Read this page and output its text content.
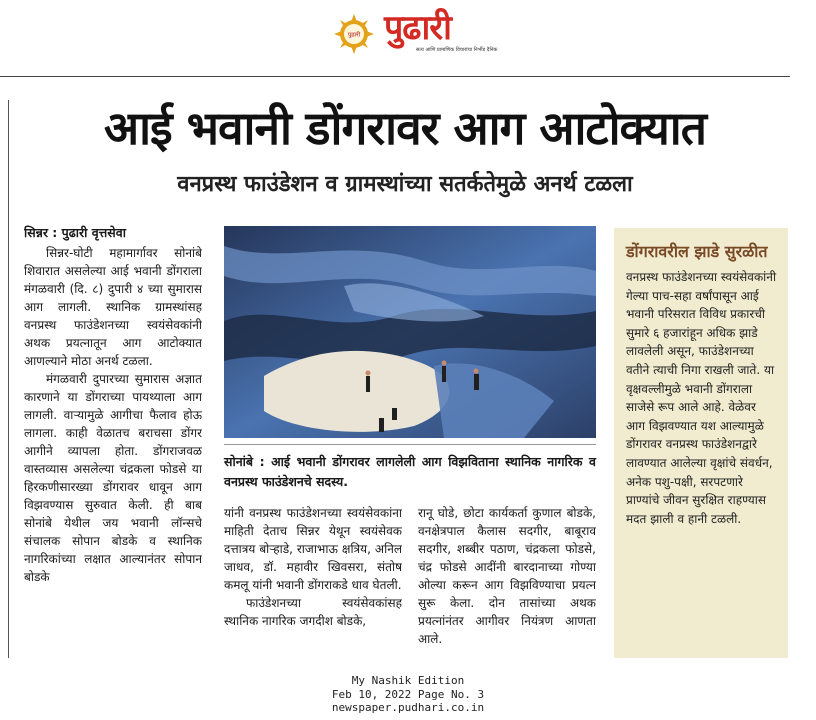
पुढारी पुढारी
सत्य आणि प्रामाणिक विचारांचा निर्भीड दैनिक
आई भवानी डोंगरावर आग आटोक्यात
वनप्रस्थ फाउंडेशन व ग्रामस्थांच्या सतर्कतेमुळे अनर्थ टळला

सिन्नर : पुढारी वृत्तसेवा

सिन्नर-घोटी महामार्गावर सोनांबे शिवारात असलेल्या आई भवानी डोंगराला मंगळवारी (दि. ८) दुपारी ४ च्या सुमारास आग लागली. स्थानिक ग्रामस्थांसह वनप्रस्थ फाउंडेशनच्या स्वयंसेवकांनी अथक प्रयत्नातून आग आटोक्यात आणल्याने मोठा अनर्थ टळला.

मंगळवारी दुपारच्या सुमारास अज्ञात कारणाने या डोंगराच्या पायथ्याला आग लागली. वाऱ्यामुळे आगीचा फैलाव होऊ लागला. काही वेळातच बराचसा डोंगर आगीने व्यापला होता. डोंगराजवळ वास्तव्यास असलेल्या चंद्रकला फोडसे या हिरकणीसारख्या डोंगरावर धावून आग विझवण्यास सुरुवात केली. ही बाब सोनांबे येथील जय भवानी लॉन्सचे संचालक सोपान बोडके व स्थानिक नागरिकांच्या लक्षात आल्यानंतर सोपान बोडके

सोनांबे : आई भवानी डोंगरावर लागलेली आग विझविताना स्थानिक नागरिक व वनप्रस्थ फाउंडेशनचे सदस्य.

यांनी वनप्रस्थ फाउंडेशनच्या स्वयंसेवकांना माहिती देताच सिन्नर येथून स्वयंसेवक दत्तात्रय बोऱ्हाडे, राजाभाऊ क्षत्रिय, अनिल जाधव, डॉ. महावीर खिवसरा, संतोष कमलू यांनी भवानी डोंगराकडे धाव घेतली.

फाउंडेशनच्या स्वयंसेवकांसह स्थानिक नागरिक जगदीश बोडके,

रानू घोडे, छोटा कार्यकर्ता कुणाल बोडके, वनक्षेत्रपाल कैलास सदगीर, बाबूराव सदगीर, शब्बीर पठाण, चंद्रकला फोडसे, चंद्र फोडसे आदींनी बारदानाच्या गोण्या ओल्या करून आग विझविण्याचा प्रयत्न सुरू केला. दोन तासांच्या अथक प्रयत्नांनंतर आगीवर नियंत्रण आणता आले.

डोंगरावरील झाडे सुरळीत
वनप्रस्थ फाउंडेशनच्या स्वयंसेवकांनी गेल्या पाच-सहा वर्षांपासून आई भवानी परिसरात विविध प्रकारची सुमारे ६ हजारांहून अधिक झाडे लावलेली असून, फाउंडेशनच्या वतीने त्याची निगा राखली जाते. या वृक्षवल्लीमुळे भवानी डोंगराला साजेसे रूप आले आहे. वेळेवर आग विझवण्यात यश आल्यामुळे डोंगरावर वनप्रस्थ फाउंडेशनद्वारे लावण्यात आलेल्या वृक्षांचे संवर्धन, अनेक पशु-पक्षी, सरपटणारे प्राण्यांचे जीवन सुरक्षित राहण्यास मदत झाली व हानी टळली.
My Nashik Edition
Feb 10, 2022 Page No. 3
newspaper.pudhari.co.in
